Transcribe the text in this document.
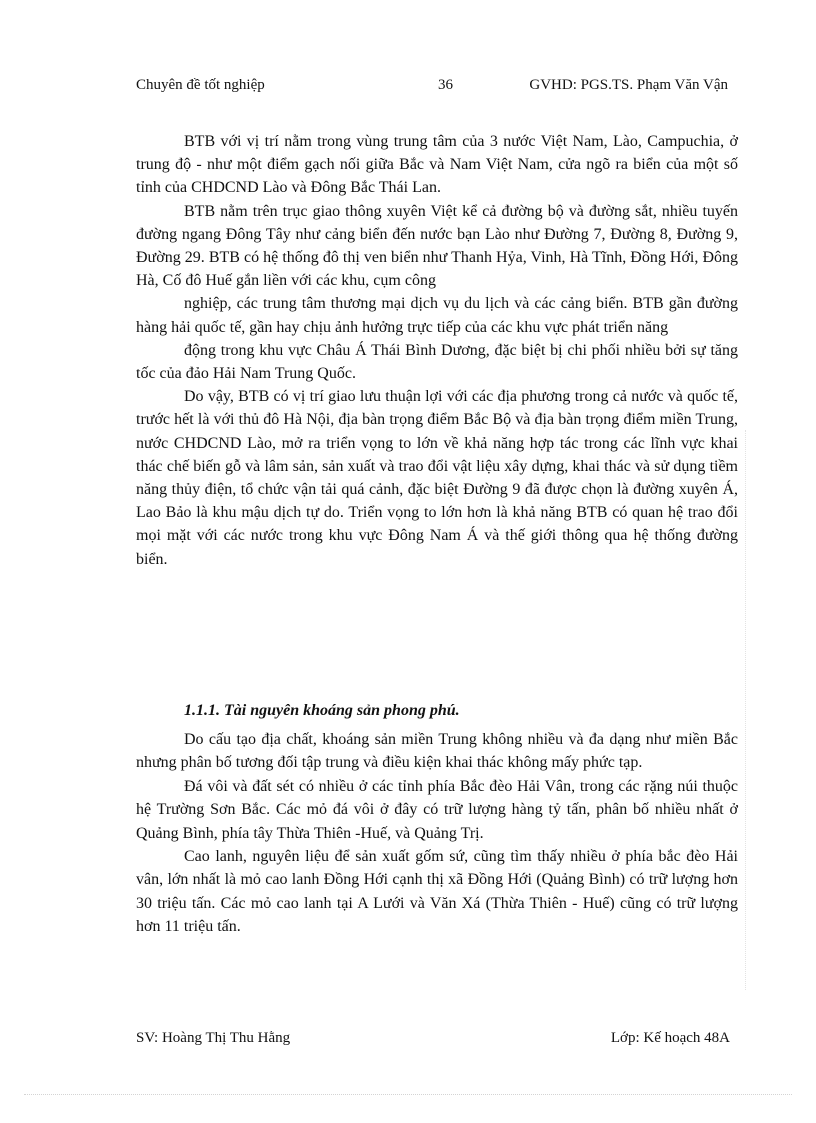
Chuyên đề tốt nghiệp	36	GVHD: PGS.TS. Phạm Văn Vận

BTB với vị trí nằm trong vùng trung tâm của 3 nước Việt Nam, Lào, Campuchia, ở trung độ - như một điểm gạch nối giữa Bắc và Nam Việt Nam, cửa ngõ ra biển của một số tỉnh của CHDCND Lào và Đông Bắc Thái Lan.

BTB nằm trên trục giao thông xuyên Việt kể cả đường bộ và đường sắt, nhiều tuyến đường ngang Đông Tây như cảng biển đến nước bạn Lào như Đường 7, Đường 8, Đường 9, Đường 29. BTB có hệ thống đô thị ven biển như Thanh Hỷa, Vinh, Hà Tĩnh, Đồng Hới, Đông Hà, Cố đô Huế gắn liền với các khu, cụm công

nghiệp, các trung tâm thương mại dịch vụ du lịch và các cảng biển. BTB gần đường hàng hải quốc tế, gần hay chịu ảnh hưởng trực tiếp của các khu vực phát triển năng

động trong khu vực Châu Á Thái Bình Dương, đặc biệt bị chi phối nhiều bởi sự tăng tốc của đảo Hải Nam Trung Quốc.

Do vậy, BTB có vị trí giao lưu thuận lợi với các địa phương trong cả nước và quốc tế, trước hết là với thủ đô Hà Nội, địa bàn trọng điểm Bắc Bộ và địa bàn trọng điểm miền Trung, nước CHDCND Lào, mở ra triển vọng to lớn về khả năng hợp tác trong các lĩnh vực khai thác chế biến gỗ và lâm sản, sản xuất và trao đổi vật liệu xây dựng, khai thác và sử dụng tiềm năng thủy điện, tổ chức vận tải quá cảnh, đặc biệt Đường 9 đã được chọn là đường xuyên Á, Lao Bảo là khu mậu dịch tự do. Triển vọng to lớn hơn là khả năng BTB có quan hệ trao đổi mọi mặt với các nước trong khu vực Đông Nam Á và thế giới thông qua hệ thống đường biển.

1.1.1. Tài nguyên khoáng sản phong phú.

Do cấu tạo địa chất, khoáng sản miền Trung không nhiều và đa dạng như miền Bắc nhưng phân bố tương đối tập trung và điều kiện khai thác không mấy phức tạp.

Đá vôi và đất sét có nhiều ở các tỉnh phía Bắc đèo Hải Vân, trong các rặng núi thuộc hệ Trường Sơn Bắc. Các mỏ đá vôi ở đây có trữ lượng hàng tỷ tấn, phân bố nhiều nhất ở Quảng Bình, phía tây Thừa Thiên -Huế, và Quảng Trị.

Cao lanh, nguyên liệu để sản xuất gốm sứ, cũng tìm thấy nhiều ở phía bắc đèo Hải vân, lớn nhất là mỏ cao lanh Đồng Hới cạnh thị xã Đồng Hới (Quảng Bình) có trữ lượng hơn 30 triệu tấn. Các mỏ cao lanh tại A Lưới và Văn Xá (Thừa Thiên - Huế) cũng có trữ lượng hơn 11 triệu tấn.

SV: Hoàng Thị Thu Hằng	Lớp: Kế hoạch 48A
